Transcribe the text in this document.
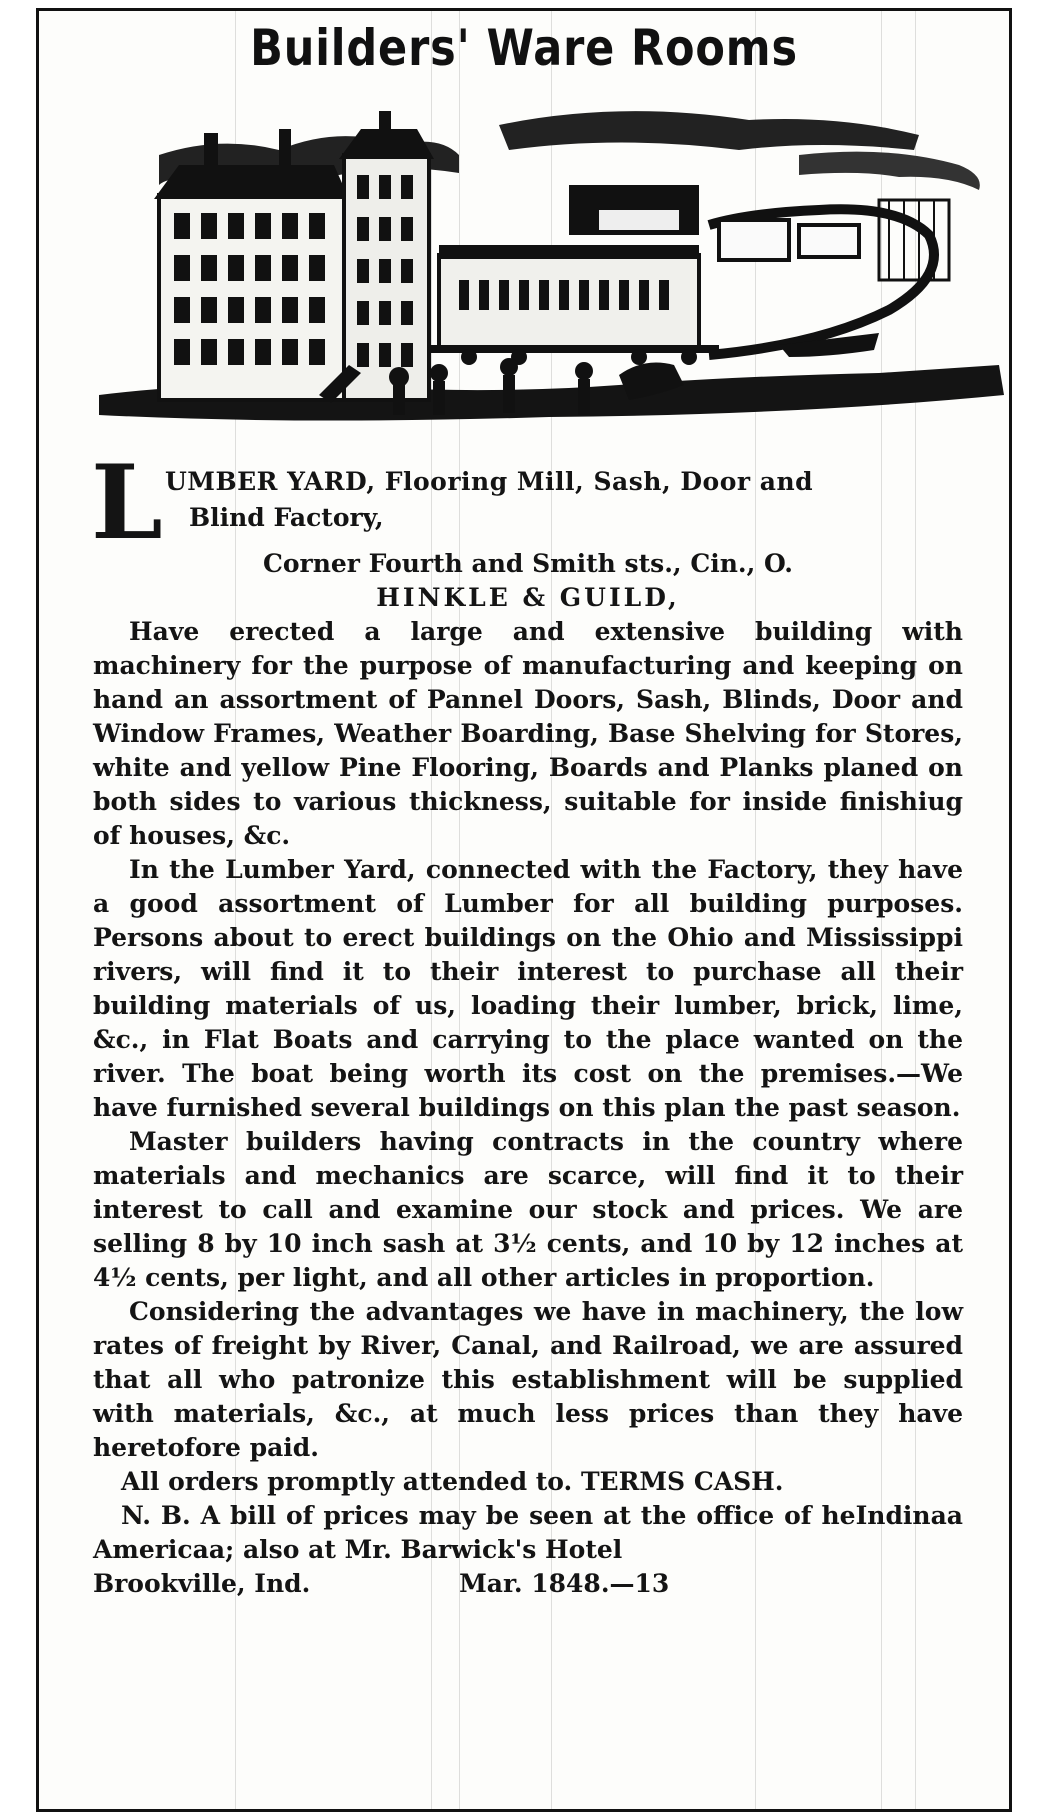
Builders' Ware Rooms
L UMBER YARD, Flooring Mill, Sash, Door and
Blind Factory,
Corner Fourth and Smith sts., Cin., O.
HINKLE & GUILD,

Have erected a large and extensive building with machinery for the purpose of manufacturing and keeping on hand an assortment of Pannel Doors, Sash, Blinds, Door and Window Frames, Weather Boarding, Base Shelving for Stores, white and yellow Pine Flooring, Boards and Planks planed on both sides to various thickness, suitable for inside finishiug of houses, &c.

In the Lumber Yard, connected with the Factory, they have a good assortment of Lumber for all building purposes. Persons about to erect buildings on the Ohio and Mississippi rivers, will find it to their interest to purchase all their building materials of us, loading their lumber, brick, lime, &c., in Flat Boats and carrying to the place wanted on the river. The boat being worth its cost on the premises.—We have furnished several buildings on this plan the past season.

Master builders having contracts in the country where materials and mechanics are scarce, will find it to their interest to call and examine our stock and prices. We are selling 8 by 10 inch sash at 3½ cents, and 10 by 12 inches at 4½ cents, per light, and all other articles in proportion.

Considering the advantages we have in machinery, the low rates of freight by River, Canal, and Railroad, we are assured that all who patronize this establishment will be supplied with materials, &c., at much less prices than they have heretofore paid.

All orders promptly attended to. TERMS CASH.

N. B. A bill of prices may be seen at the office of heIndinaa Americaa; also at Mr. Barwick's Hotel

Brookville, Ind.	Mar. 1848.—13
